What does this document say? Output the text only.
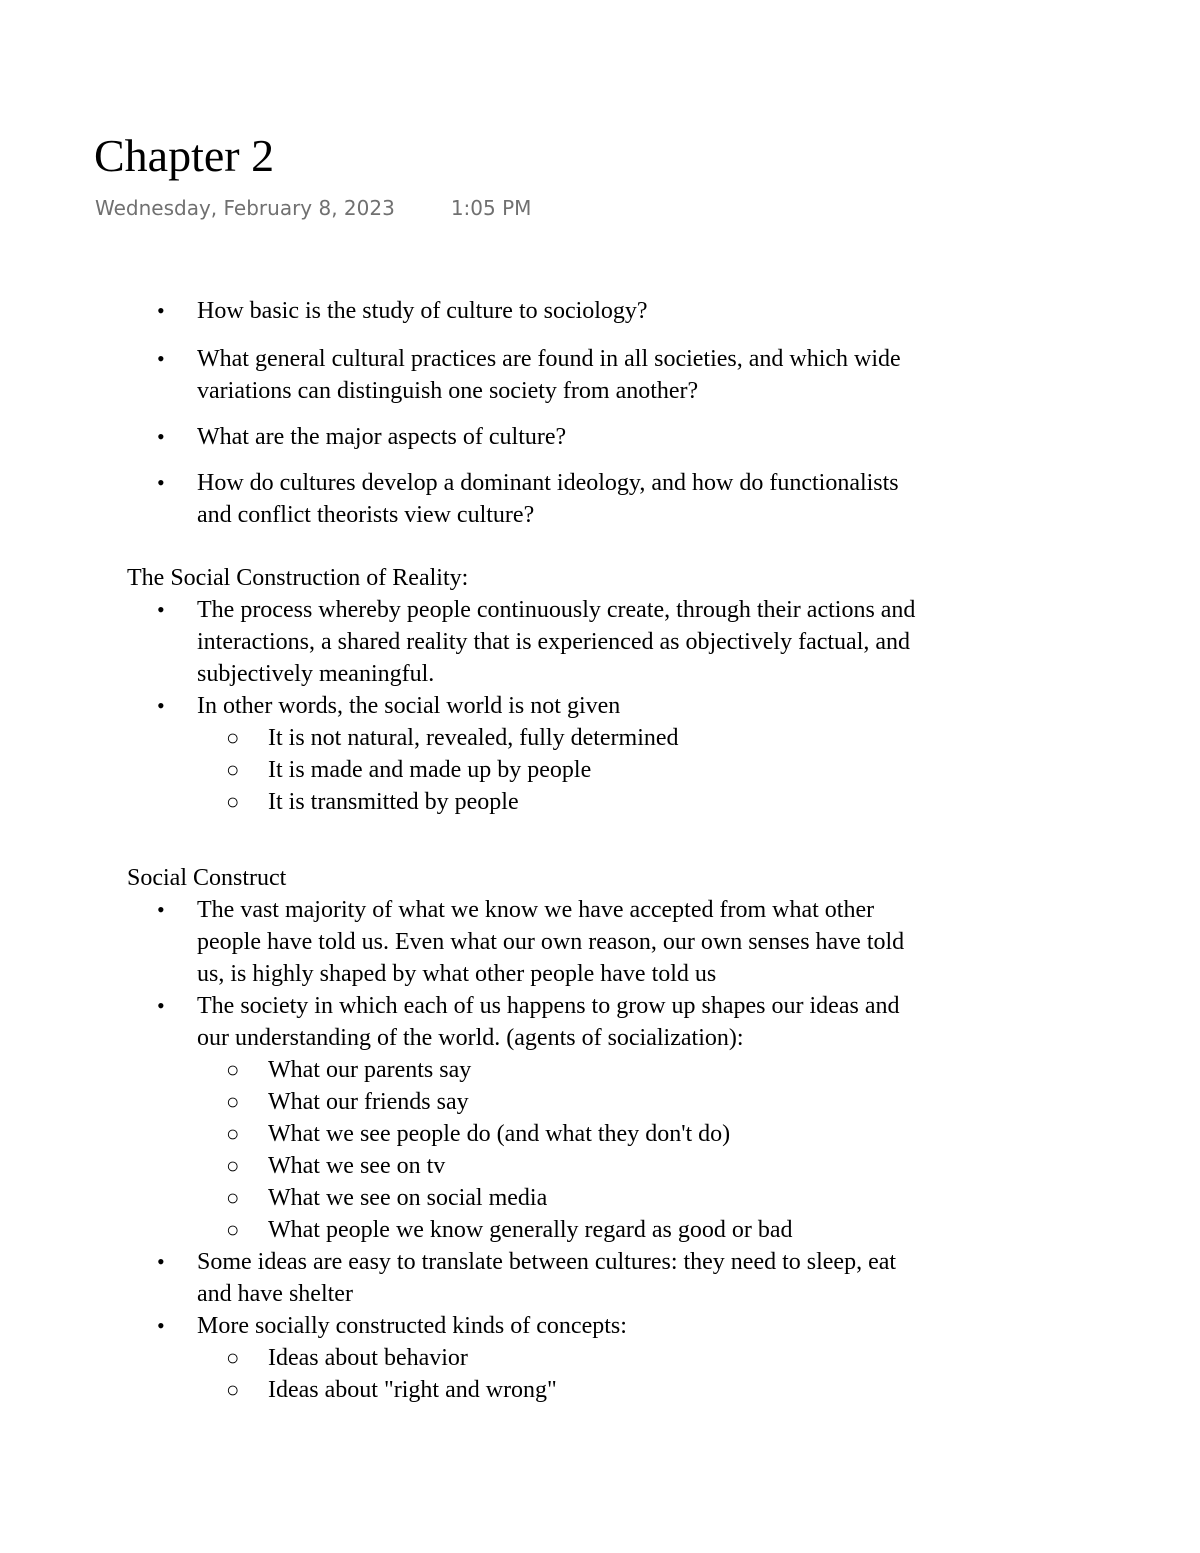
Chapter 2
Wednesday, February 8, 2023	1:05 PM
• How basic is the study of culture to sociology?
• What general cultural practices are found in all societies, and which wide
variations can distinguish one society from another?
• What are the major aspects of culture?
• How do cultures develop a dominant ideology, and how do functionalists
and conflict theorists view culture?
The Social Construction of Reality:
• The process whereby people continuously create, through their actions and
interactions, a shared reality that is experienced as objectively factual, and
subjectively meaningful.
• In other words, the social world is not given
○ It is not natural, revealed, fully determined
○ It is made and made up by people
○ It is transmitted by people
Social Construct
• The vast majority of what we know we have accepted from what other
people have told us. Even what our own reason, our own senses have told
us, is highly shaped by what other people have told us
• The society in which each of us happens to grow up shapes our ideas and
our understanding of the world. (agents of socialization):
○ What our parents say
○ What our friends say
○ What we see people do (and what they don't do)
○ What we see on tv
○ What we see on social media
○ What people we know generally regard as good or bad
• Some ideas are easy to translate between cultures: they need to sleep, eat
and have shelter
• More socially constructed kinds of concepts:
○ Ideas about behavior
○ Ideas about "right and wrong"
